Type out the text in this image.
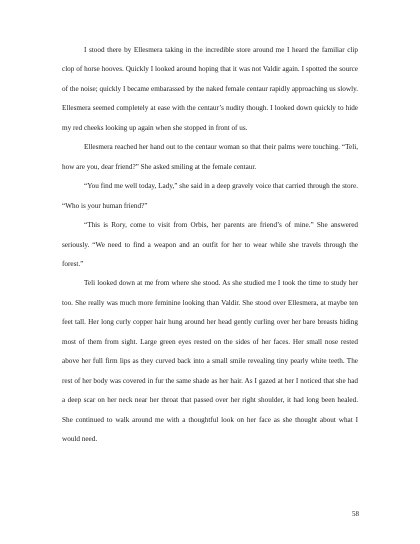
I stood there by Ellesmera taking in the incredible store around me I heard the familiar clip clop of horse hooves. Quickly I looked around hoping that it was not Valdir again. I spotted the source of the noise; quickly I became embarassed by the naked female centaur rapidly approaching us slowly. Ellesmera seemed completely at ease with the centaur’s nudity though. I looked down quickly to hide my red cheeks looking up again when she stopped in front of us.

Ellesmera reached her hand out to the centaur woman so that their palms were touching. “Teli, how are you, dear friend?” She asked smiling at the female centaur.

“You find me well today, Lady,” she said in a deep gravely voice that carried through the store. “Who is your human friend?”

“This is Rory, come to visit from Orbis, her parents are friend’s of mine.” She answered seriously. “We need to find a weapon and an outfit for her to wear while she travels through the forest.”

Teli looked down at me from where she stood. As she studied me I took the time to study her too. She really was much more feminine looking than Valdir. She stood over Ellesmera, at maybe ten feet tall. Her long curly copper hair hung around her head gently curling over her bare breasts hiding most of them from sight. Large green eyes rested on the sides of her faces. Her small nose rested above her full firm lips as they curved back into a small smile revealing tiny pearly white teeth. The rest of her body was covered in fur the same shade as her hair. As I gazed at her I noticed that she had a deep scar on her neck near her throat that passed over her right shoulder, it had long been healed. She continued to walk around me with a thoughtful look on her face as she thought about what I would need.

58
